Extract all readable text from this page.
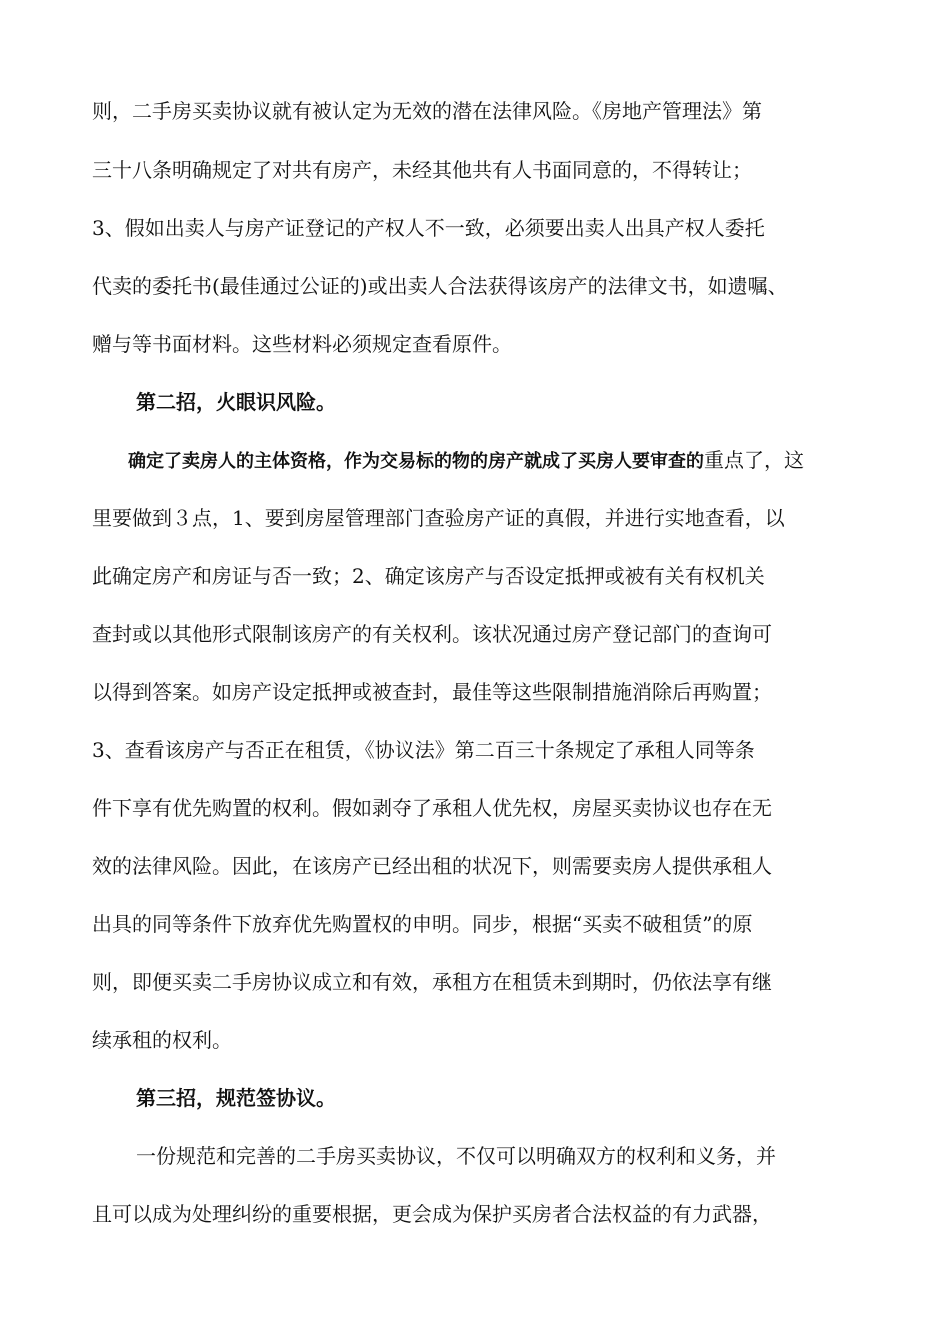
则，二手房买卖协议就有被认定为无效的潜在法律风险。《房地产管理法》第

三十八条明确规定了对共有房产，未经其他共有人书面同意的，不得转让；

3、假如出卖人与房产证登记的产权人不一致，必须要出卖人出具产权人委托

代卖的委托书(最佳通过公证的)或出卖人合法获得该房产的法律文书，如遗嘱、

赠与等书面材料。这些材料必须规定查看原件。

第二招，火眼识风险。

确定了卖房人的主体资格，作为交易标的物的房产就成了买房人要审查的重点了，这

里要做到３点，1、要到房屋管理部门查验房产证的真假，并进行实地查看，以

此确定房产和房证与否一致；2、确定该房产与否设定抵押或被有关有权机关

查封或以其他形式限制该房产的有关权利。该状况通过房产登记部门的查询可

以得到答案。如房产设定抵押或被查封，最佳等这些限制措施消除后再购置；

3、查看该房产与否正在租赁，《协议法》第二百三十条规定了承租人同等条

件下享有优先购置的权利。假如剥夺了承租人优先权，房屋买卖协议也存在无

效的法律风险。因此，在该房产已经出租的状况下，则需要卖房人提供承租人

出具的同等条件下放弃优先购置权的申明。同步，根据“买卖不破租赁”的原

则，即便买卖二手房协议成立和有效，承租方在租赁未到期时，仍依法享有继

续承租的权利。

第三招，规范签协议。

一份规范和完善的二手房买卖协议，不仅可以明确双方的权利和义务，并

且可以成为处理纠纷的重要根据，更会成为保护买房者合法权益的有力武器，
